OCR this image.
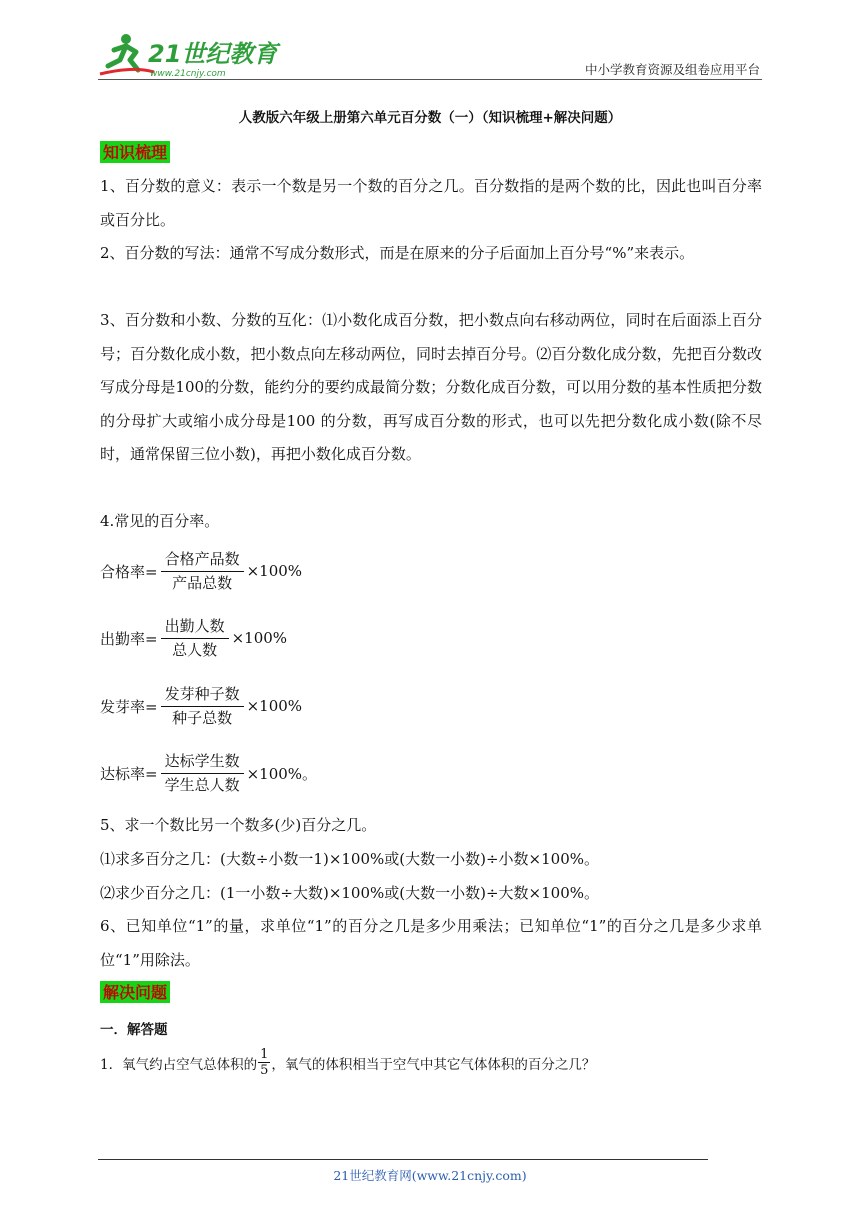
21世纪教育
www.21cnjy.com	中小学教育资源及组卷应用平台
人教版六年级上册第六单元百分数（一）（知识梳理+解决问题）
知识梳理
1、百分数的意义：表示一个数是另一个数的百分之几。百分数指的是两个数的比，因此也叫百分率或百分比。
2、百分数的写法：通常不写成分数形式，而是在原来的分子后面加上百分号“%”来表示。
3、百分数和小数、分数的互化：⑴小数化成百分数，把小数点向右移动两位，同时在后面添上百分号；百分数化成小数，把小数点向左移动两位，同时去掉百分号。⑵百分数化成分数，先把百分数改写成分母是100的分数，能约分的要约成最简分数；分数化成百分数，可以用分数的基本性质把分数的分母扩大或缩小成分母是100 的分数，再写成百分数的形式，也可以先把分数化成小数(除不尽时，通常保留三位小数)，再把小数化成百分数。
4.常见的百分率。
合格率= $\frac{\text{合格产品数}}{\text{产品总数}} \times 100\%$
出勤率= $\frac{\text{出勤人数}}{\text{总人数}} \times 100\%$
发芽率= $\frac{\text{发芽种子数}}{\text{种子总数}} \times 100\%$
达标率= $\frac{\text{达标学生数}}{\text{学生总人数}} \times 100\%$。
5、求一个数比另一个数多(少)百分之几。
⑴求多百分之几：(大数÷小数一1)×100%或(大数一小数)÷小数×100%。
⑵求少百分之几：(1一小数÷大数)×100%或(大数一小数)÷大数×100%。
6、已知单位“1”的量，求单位“1”的百分之几是多少用乘法；已知单位“1”的百分之几是多少求单位“1”用除法。
解决问题
一．解答题
1．氧气约占空气总体积的 $\frac{1}{5}$ ，氧气的体积相当于空气中其它气体体积的百分之几？
21世纪教育网(www.21cnjy.com)
